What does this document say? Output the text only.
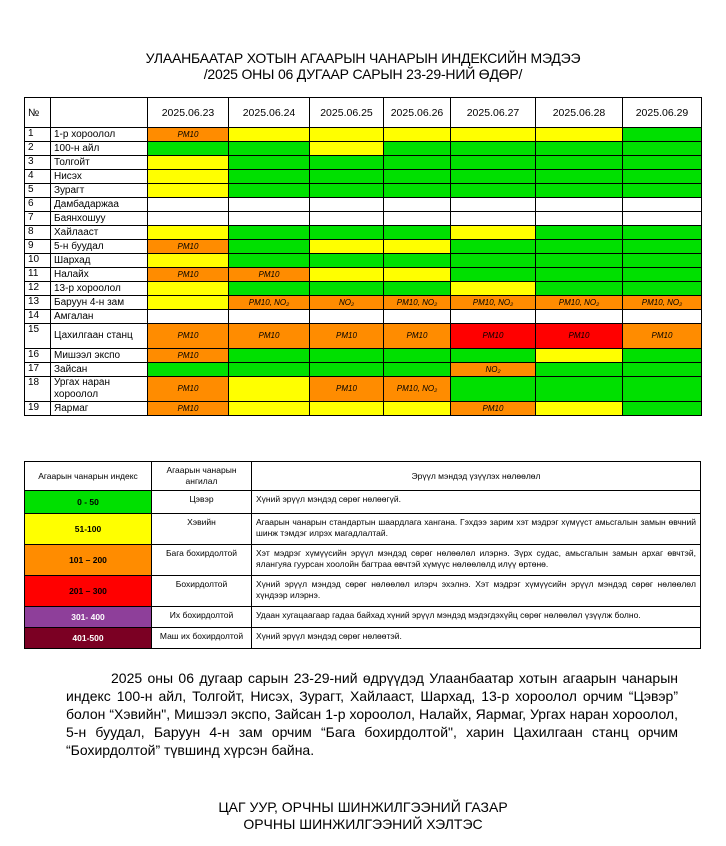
УЛААНБААТАР ХОТЫН АГААРЫН ЧАНАРЫН ИНДЕКСИЙН МЭДЭЭ
/2025 ОНЫ 06 ДУГААР САРЫН 23-29-НИЙ ӨДӨР/
№		2025.06.23	2025.06.24	2025.06.25	2025.06.26	2025.06.27	2025.06.28	2025.06.29
1	1-р хороолол	PM10						
2	100-н айл							
3	Толгойт							
4	Нисэх							
5	Зурагт							
6	Дамбадаржаа							
7	Баянхошуу							
8	Хайлааст							
9	5-н буудал	PM10						
10	Шархад							
11	Налайх	PM10	PM10					
12	13-р хороолол							
13	Баруун 4-н зам		PM10, NO₂	NO₂	PM10, NO₂	PM10, NO₂	PM10, NO₂	PM10, NO₂
14	Амгалан							
15	Цахилгаан станц	PM10	PM10	PM10	PM10	PM10	PM10	PM10
16	Мишээл экспо	PM10						
17	Зайсан					NO₂		
18	Ургах наран хороолол	PM10		PM10	PM10, NO₂			
19	Яармаг	PM10				PM10		
Агаарын чанарын индекс	Агаарын чанарын ангилал	Эрүүл мэндэд үзүүлэх нөлөөлөл
0 - 50	Цэвэр	Хүний эрүүл мэндэд сөрөг нөлөөгүй.
51-100	Хэвийн	Агаарын чанарын стандартын шаардлага хангана. Гэхдээ зарим хэт мэдрэг хүмүүст амьсгалын замын өвчний шинж тэмдэг илрэх магадлалтай.
101 – 200	Бага бохирдолтой	Хэт мэдрэг хүмүүсийн эрүүл мэндэд сөрөг нөлөөлөл илэрнэ. Зүрх судас, амьсгалын замын архаг өвчтэй, ялангуяа гуурсан хоолойн багтраа өвчтэй хүмүүс нөлөөлөлд илүү өртөнө.
201 – 300	Бохирдолтой	Хүний эрүүл мэндэд сөрөг нөлөөлөл илэрч эхэлнэ. Хэт мэдрэг хүмүүсийн эрүүл мэндэд сөрөг нөлөөлөл хүндээр илэрнэ.
301- 400	Их бохирдолтой	Удаан хугацаагаар гадаа байхад хүний эрүүл мэндэд мэдэгдэхүйц сөрөг нөлөөлөл үзүүлж болно.
401-500	Маш их бохирдолтой	Хүний эрүүл мэндэд сөрөг нөлөөтэй.
2025 оны 06 дугаар сарын 23-29-ний өдрүүдэд Улаанбаатар хотын агаарын чанарын индекс 100-н айл, Толгойт, Нисэх, Зурагт, Хайлааст, Шархад, 13-р хороолол орчим “Цэвэр” болон “Хэвийн", Мишээл экспо, Зайсан 1-р хороолол, Налайх, Яармаг, Ургах наран хороолол, 5-н буудал, Баруун 4-н зам орчим “Бага бохирдолтой", харин Цахилгаан станц орчим “Бохирдолтой” түвшинд хүрсэн байна.
ЦАГ УУР, ОРЧНЫ ШИНЖИЛГЭЭНИЙ ГАЗАР
ОРЧНЫ ШИНЖИЛГЭЭНИЙ ХЭЛТЭС
